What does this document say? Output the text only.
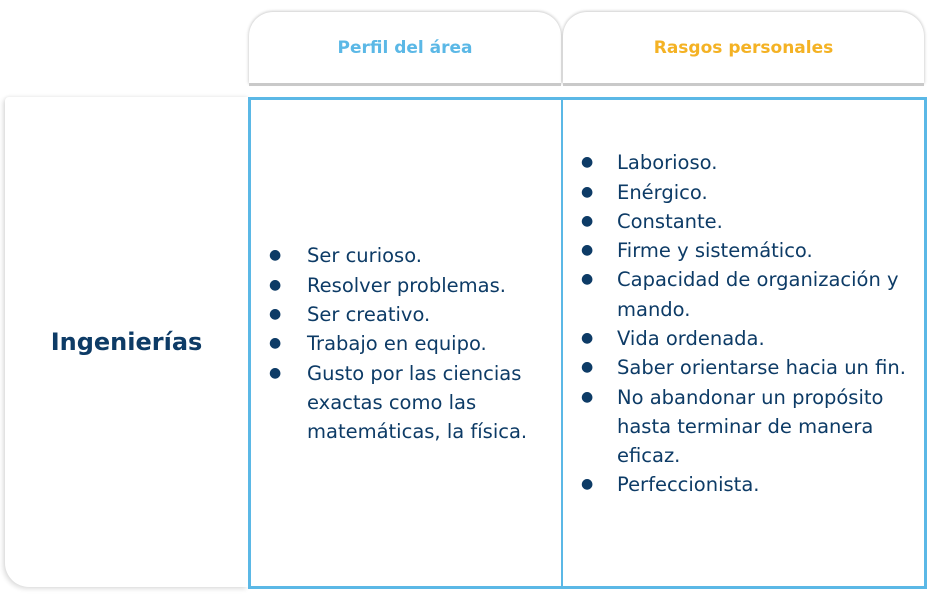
Perfil del área	Rasgos personales
Ingenierías
● Ser curioso.
● Resolver problemas.
● Ser creativo.
● Trabajo en equipo.
● Gusto por las ciencias exactas como las matemáticas, la física.
● Laborioso.
● Enérgico.
● Constante.
● Firme y sistemático.
● Capacidad de organización y mando.
● Vida ordenada.
● Saber orientarse hacia un fin.
● No abandonar un propósito hasta terminar de manera eficaz.
● Perfeccionista.
